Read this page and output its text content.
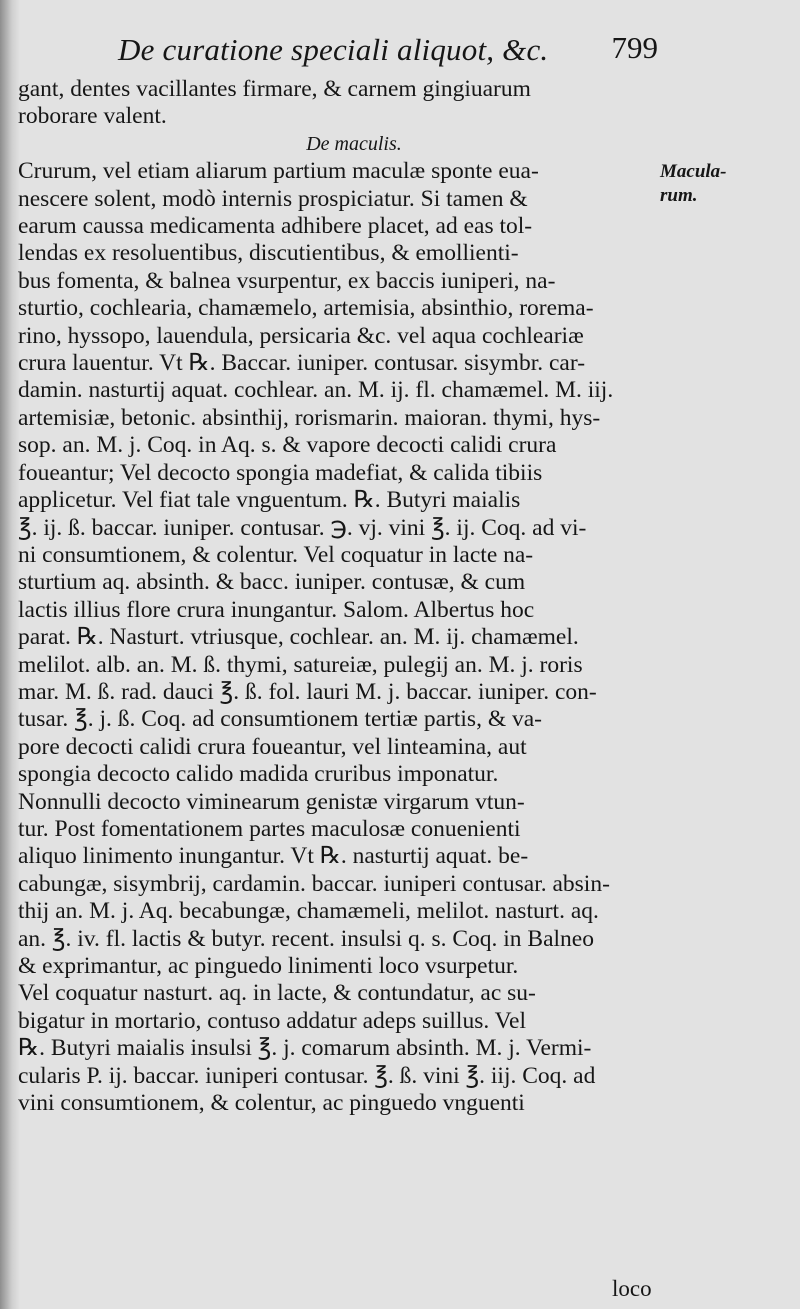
De curatione speciali aliquot, &c. 799
Macula-
rum.
gant, dentes vacillantes firmare, & carnem gingiuarum
roborare valent.
De maculis.
Crurum, vel etiam aliarum partium maculæ sponte eua-
nescere solent, modò internis prospiciatur. Si tamen &
earum caussa medicamenta adhibere placet, ad eas tol-
lendas ex resoluentibus, discutientibus, & emollienti-
bus fomenta, & balnea vsurpentur, ex baccis iuniperi, na-
sturtio, cochlearia, chamæmelo, artemisia, absinthio, rorema-
rino, hyssopo, lauendula, persicaria &c. vel aqua cochleariæ
crura lauentur. Vt ℞. Baccar. iuniper. contusar. sisymbr. car-
damin. nasturtij aquat. cochlear. an. M. ij. fl. chamæmel. M. iij.
artemisiæ, betonic. absinthij, rorismarin. maioran. thymi, hys-
sop. an. M. j. Coq. in Aq. s. & vapore decocti calidi crura
foueantur; Vel decocto spongia madefiat, & calida tibiis
applicetur. Vel fiat tale vnguentum. ℞. Butyri maialis
℥. ij. ß. baccar. iuniper. contusar. ℈. vj. vini ℥. ij. Coq. ad vi-
ni consumtionem, & colentur. Vel coquatur in lacte na-
sturtium aq. absinth. & bacc. iuniper. contusæ, & cum
lactis illius flore crura inungantur. Salom. Albertus hoc
parat. ℞. Nasturt. vtriusque, cochlear. an. M. ij. chamæmel.
melilot. alb. an. M. ß. thymi, satureiæ, pulegij an. M. j. roris
mar. M. ß. rad. dauci ℥. ß. fol. lauri M. j. baccar. iuniper. con-
tusar. ℥. j. ß. Coq. ad consumtionem tertiæ partis, & va-
pore decocti calidi crura foueantur, vel linteamina, aut
spongia decocto calido madida cruribus imponatur.
Nonnulli decocto viminearum genistæ virgarum vtun-
tur. Post fomentationem partes maculosæ conuenienti
aliquo linimento inungantur. Vt ℞. nasturtij aquat. be-
cabungæ, sisymbrij, cardamin. baccar. iuniperi contusar. absin-
thij an. M. j. Aq. becabungæ, chamæmeli, melilot. nasturt. aq.
an. ℥. iv. fl. lactis & butyr. recent. insulsi q. s. Coq. in Balneo
& exprimantur, ac pinguedo linimenti loco vsurpetur.
Vel coquatur nasturt. aq. in lacte, & contundatur, ac su-
bigatur in mortario, contuso addatur adeps suillus. Vel
℞. Butyri maialis insulsi ℥. j. comarum absinth. M. j. Vermi-
cularis P. ij. baccar. iuniperi contusar. ℥. ß. vini ℥. iij. Coq. ad
vini consumtionem, & colentur, ac pinguedo vnguenti
loco
